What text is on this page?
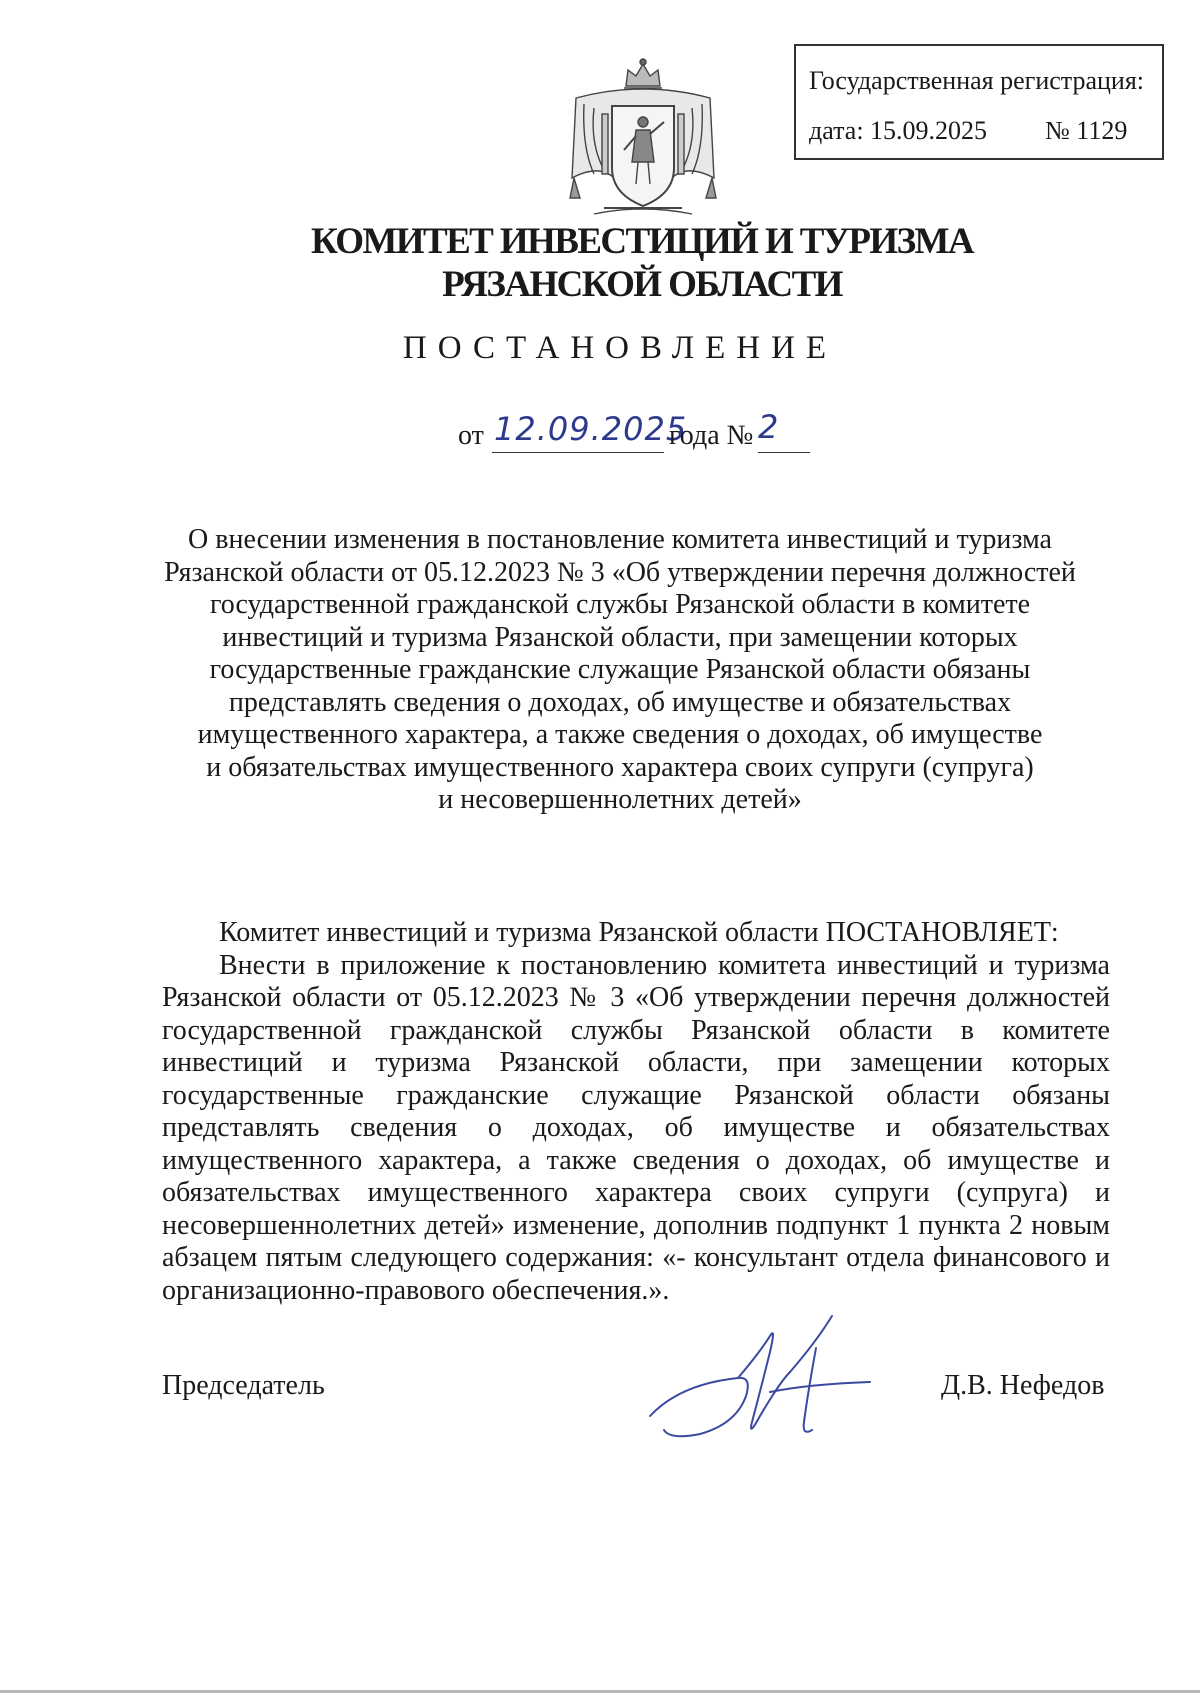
Государственная регистрация:
дата: 15.09.2025 № 1129
КОМИТЕТ ИНВЕСТИЦИЙ И ТУРИЗМА
РЯЗАНСКОЙ ОБЛАСТИ
ПОСТАНОВЛЕНИЕ
от 12.09.2025
года № 2
О внесении изменения в постановление комитета инвестиций и туризма
Рязанской области от 05.12.2023 № 3 «Об утверждении перечня должностей
государственной гражданской службы Рязанской области в комитете
инвестиций и туризма Рязанской области, при замещении которых
государственные гражданские служащие Рязанской области обязаны
представлять сведения о доходах, об имуществе и обязательствах
имущественного характера, а также сведения о доходах, об имуществе
и обязательствах имущественного характера своих супруги (супруга)
и несовершеннолетних детей»
Комитет инвестиций и туризма Рязанской области ПОСТАНОВЛЯЕТ:
Внести в приложение к постановлению комитета инвестиций и туризма Рязанской области от 05.12.2023 № 3 «Об утверждении перечня должностей государственной гражданской службы Рязанской области в комитете инвестиций и туризма Рязанской области, при замещении которых государственные гражданские служащие Рязанской области обязаны представлять сведения о доходах, об имуществе и обязательствах имущественного характера, а также сведения о доходах, об имуществе и обязательствах имущественного характера своих супруги (супруга) и несовершеннолетних детей» изменение, дополнив подпункт 1 пункта 2 новым абзацем пятым следующего содержания: «- консультант отдела финансового и организационно-правового обеспечения.».
Председатель	Д.В. Нефедов
